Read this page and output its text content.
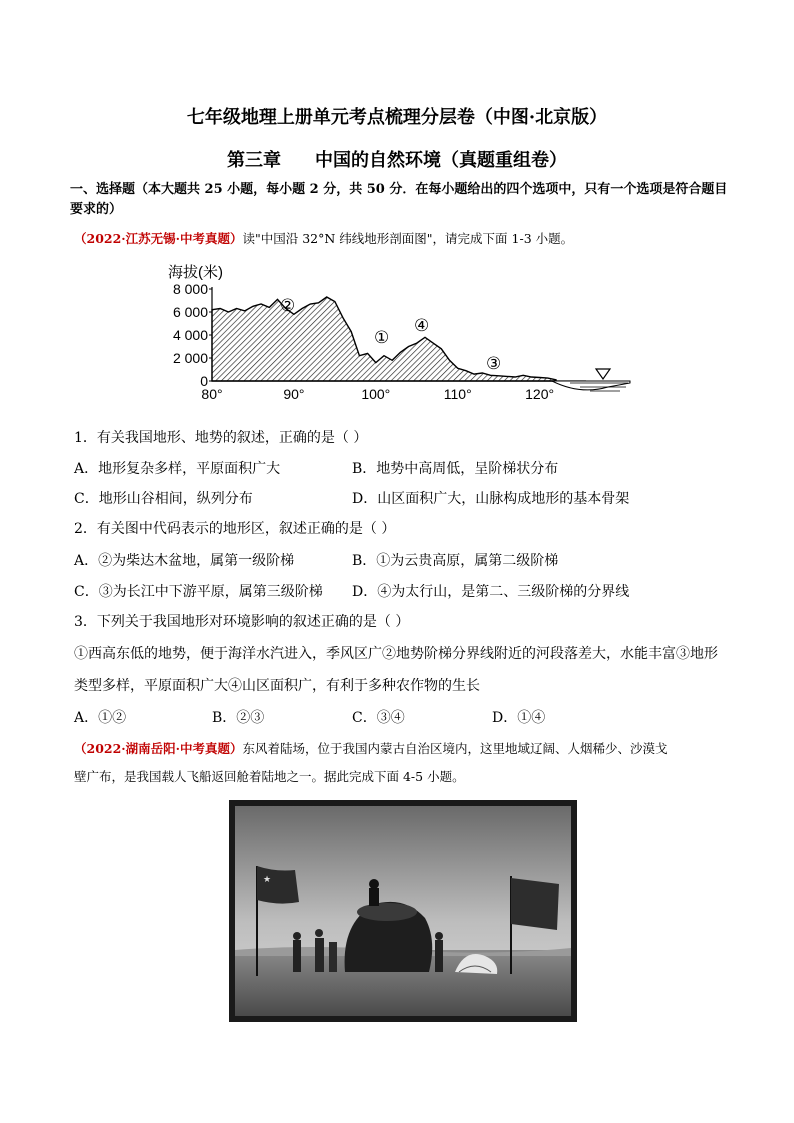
七年级地理上册单元考点梳理分层卷（中图·北京版）
第三章 中国的自然环境（真题重组卷）
一、选择题（本大题共 25 小题，每小题 2 分，共 50 分．在每小题给出的四个选项中，只有一个选项是符合题目要求的）
（2022·江苏无锡·中考真题）读"中国沿 32°N 纬线地形剖面图"，请完成下面 1-3 小题。
海拔(米)
8 000
6 000
4 000
2 000
0
80°	90°	100°	110°	120°
②
①
④
③
1．有关我国地形、地势的叙述，正确的是（ ）
A．地形复杂多样，平原面积广大	B．地势中高周低，呈阶梯状分布
C．地形山谷相间，纵列分布	D．山区面积广大，山脉构成地形的基本骨架
2．有关图中代码表示的地形区，叙述正确的是（ ）
A．②为柴达木盆地，属第一级阶梯	B．①为云贵高原，属第二级阶梯
C．③为长江中下游平原，属第三级阶梯 D．④为太行山，是第二、三级阶梯的分界线
3．下列关于我国地形对环境影响的叙述正确的是（ ）
①西高东低的地势，便于海洋水汽进入，季风区广②地势阶梯分界线附近的河段落差大，水能丰富③地形
类型多样，平原面积广大④山区面积广，有利于多种农作物的生长
A．①②	B．②③	C．③④	D．①④
（2022·湖南岳阳·中考真题）东风着陆场，位于我国内蒙古自治区境内，这里地域辽阔、人烟稀少、沙漠戈
壁广布，是我国载人飞船返回舱着陆地之一。据此完成下面 4-5 小题。
★
